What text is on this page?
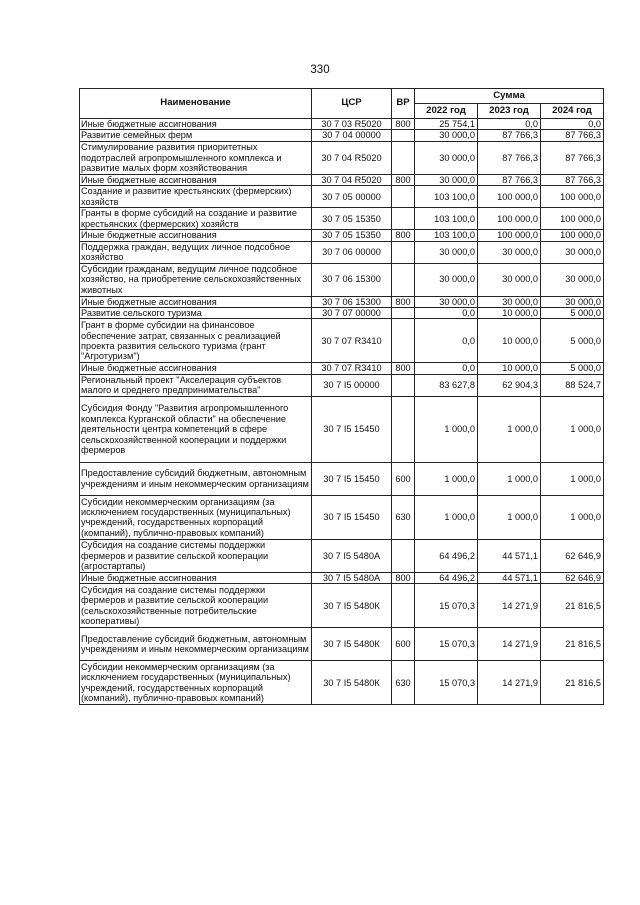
330
Наименование	ЦСР	ВР	Сумма		
			2022 год	2023 год	2024 год
Иные бюджетные ассигнования	30 7 03 R5020	800	25 754,1	0,0	0,0
Развитие семейных ферм	30 7 04 00000		30 000,0	87 766,3	87 766,3
Стимулирование развития приоритетных подотраслей агропромышленного комплекса и развитие малых форм хозяйствования	30 7 04 R5020		30 000,0	87 766,3	87 766,3
Иные бюджетные ассигнования	30 7 04 R5020	800	30 000,0	87 766,3	87 766,3
Создание и развитие крестьянских (фермерских) хозяйств	30 7 05 00000		103 100,0	100 000,0	100 000,0
Гранты в форме субсидий на создание и развитие крестьянских (фермерских) хозяйств	30 7 05 15350		103 100,0	100 000,0	100 000,0
Иные бюджетные ассигнования	30 7 05 15350	800	103 100,0	100 000,0	100 000,0
Поддержка граждан, ведущих личное подсобное хозяйство	30 7 06 00000		30 000,0	30 000,0	30 000,0
Субсидии гражданам, ведущим личное подсобное хозяйство, на приобретение сельскохозяйственных животных	30 7 06 15300		30 000,0	30 000,0	30 000,0
Иные бюджетные ассигнования	30 7 06 15300	800	30 000,0	30 000,0	30 000,0
Развитие сельского туризма	30 7 07 00000		0,0	10 000,0	5 000,0
Грант в форме субсидии на финансовое обеспечение затрат, связанных с реализацией проекта развития сельского туризма (грант "Агротуризм")	30 7 07 R3410		0,0	10 000,0	5 000,0
Иные бюджетные ассигнования	30 7 07 R3410	800	0,0	10 000,0	5 000,0
Региональный проект "Акселерация субъектов малого и среднего предпринимательства"	30 7 I5 00000		83 627,8	62 904,3	88 524,7
Субсидия Фонду "Развития агропромышленного комплекса Курганской области" на обеспечение деятельности центра компетенций в сфере сельскохозяйственной кооперации и поддержки фермеров	30 7 I5 15450		1 000,0	1 000,0	1 000,0
Предоставление субсидий бюджетным, автономным учреждениям и иным некоммерческим организациям	30 7 I5 15450	600	1 000,0	1 000,0	1 000,0
Субсидии некоммерческим организациям (за исключением государственных (муниципальных) учреждений, государственных корпораций (компаний), публично-правовых компаний)	30 7 I5 15450	630	1 000,0	1 000,0	1 000,0
Субсидия на создание системы поддержки фермеров и развитие сельской кооперации (агростартапы)	30 7 I5 5480А		64 496,2	44 571,1	62 646,9
Иные бюджетные ассигнования	30 7 I5 5480А	800	64 496,2	44 571,1	62 646,9
Субсидия на создание системы поддержки фермеров и развитие сельской кооперации (сельскохозяйственные потребительские кооперативы)	30 7 I5 5480К		15 070,3	14 271,9	21 816,5
Предоставление субсидий бюджетным, автономным учреждениям и иным некоммерческим организациям	30 7 I5 5480К	600	15 070,3	14 271,9	21 816,5
Субсидии некоммерческим организациям (за исключением государственных (муниципальных) учреждений, государственных корпораций (компаний), публично-правовых компаний)	30 7 I5 5480К	630	15 070,3	14 271,9	21 816,5
